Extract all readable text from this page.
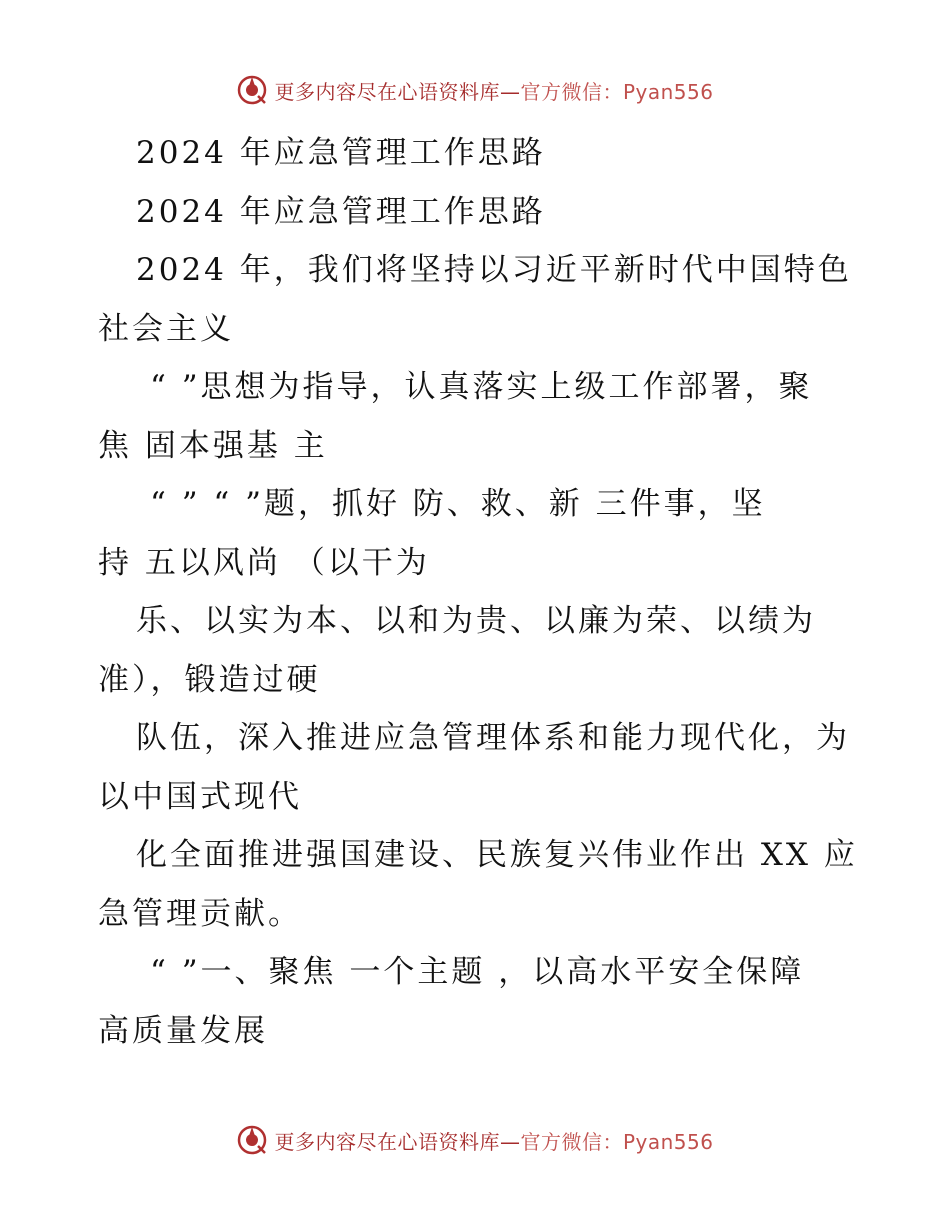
更多内容尽在心语资料库—官方微信：Pyan556
2024 年应急管理工作思路
2024 年应急管理工作思路
2024 年，我们将坚持以习近平新时代中国特色
社会主义
“ ”思想为指导，认真落实上级工作部署，聚
焦 固本强基 主
“ ” “ ”题，抓好 防、救、新 三件事，坚
持 五以风尚 （以干为
乐、以实为本、以和为贵、以廉为荣、以绩为
准），锻造过硬
队伍，深入推进应急管理体系和能力现代化，为
以中国式现代
化全面推进强国建设、民族复兴伟业作出 XX 应
急管理贡献。
“ ”一、聚焦 一个主题 ，以高水平安全保障
高质量发展
更多内容尽在心语资料库—官方微信：Pyan556
